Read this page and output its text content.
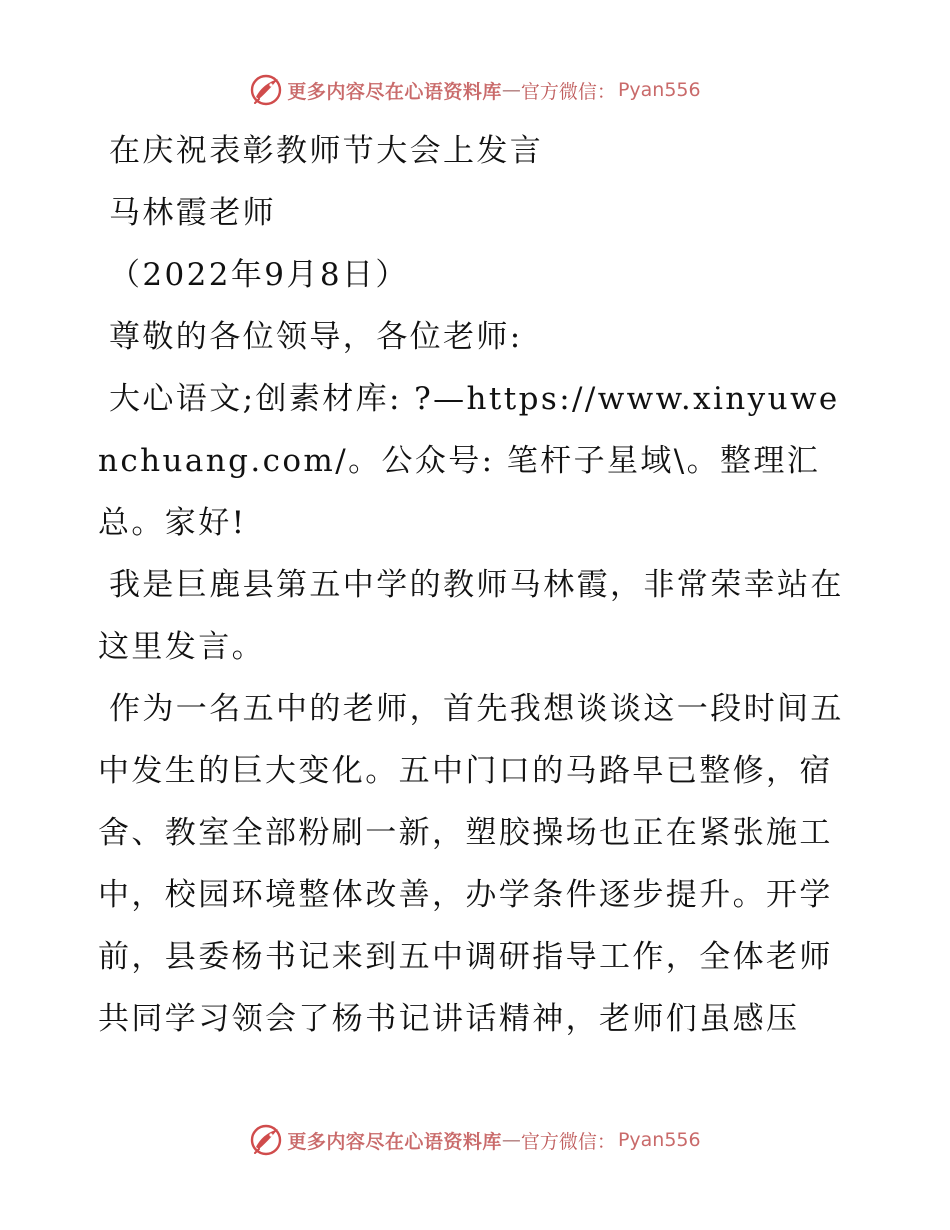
更多内容尽在心语资料库 — 官方微信： Pyan556

在庆祝表彰教师节大会上发言

马林霞老师

（2022年9月8日）

尊敬的各位领导，各位老师:

大心语文;创素材库: ?—https://www.xinyuwenchuang.com/。公众号: 笔杆子星域\。整理汇总。家好!

我是巨鹿县第五中学的教师马林霞，非常荣幸站在这里发言。

作为一名五中的老师，首先我想谈谈这一段时间五中发生的巨大变化。五中门口的马路早已整修，宿舍、教室全部粉刷一新，塑胶操场也正在紧张施工中，校园环境整体改善，办学条件逐步提升。开学前，县委杨书记来到五中调研指导工作，全体老师共同学习领会了杨书记讲话精神，老师们虽感压

更多内容尽在心语资料库 — 官方微信： Pyan556
